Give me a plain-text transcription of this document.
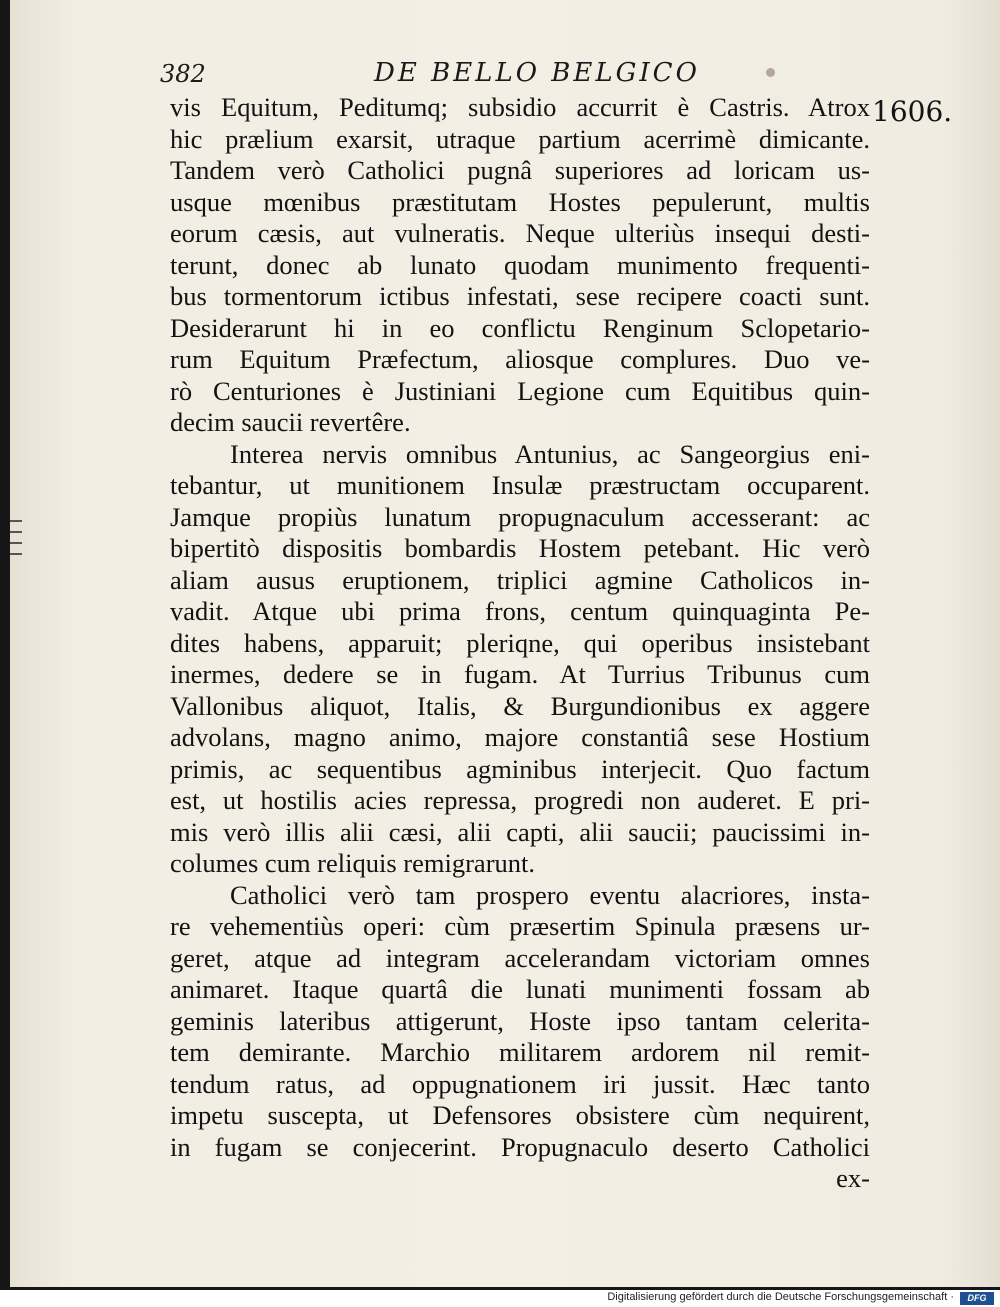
382	DE BELLO BELGICO
1606.
vis Equitum, Peditumq; subsidio accurrit è Castris. Atrox
hic prælium exarsit, utraque partium acerrimè dimicante.
Tandem verò Catholici pugnâ superiores ad loricam us-
usque mœnibus præstitutam Hostes pepulerunt, multis
eorum cæsis, aut vulneratis. Neque ulteriùs insequi desti-
terunt, donec ab lunato quodam munimento frequenti-
bus tormentorum ictibus infestati, sese recipere coacti sunt.
Desiderarunt hi in eo conflictu Renginum Sclopetario-
rum Equitum Præfectum, aliosque complures. Duo ve-
rò Centuriones è Justiniani Legione cum Equitibus quin-
decim saucii revertêre.
Interea nervis omnibus Antunius, ac Sangeorgius eni-
tebantur, ut munitionem Insulæ præstructam occuparent.
Jamque propiùs lunatum propugnaculum accesserant: ac
bipertitò dispositis bombardis Hostem petebant. Hic verò
aliam ausus eruptionem, triplici agmine Catholicos in-
vadit. Atque ubi prima frons, centum quinquaginta Pe-
dites habens, apparuit; pleriqne, qui operibus insistebant
inermes, dedere se in fugam. At Turrius Tribunus cum
Vallonibus aliquot, Italis, & Burgundionibus ex aggere
advolans, magno animo, majore constantiâ sese Hostium
primis, ac sequentibus agminibus interjecit. Quo factum
est, ut hostilis acies repressa, progredi non auderet. E pri-
mis verò illis alii cæsi, alii capti, alii saucii; paucissimi in-
columes cum reliquis remigrarunt.
Catholici verò tam prospero eventu alacriores, insta-
re vehementiùs operi: cùm præsertim Spinula præsens ur-
geret, atque ad integram accelerandam victoriam omnes
animaret. Itaque quartâ die lunati munimenti fossam ab
geminis lateribus attigerunt, Hoste ipso tantam celerita-
tem demirante. Marchio militarem ardorem nil remit-
tendum ratus, ad oppugnationem iri jussit. Hæc tanto
impetu suscepta, ut Defensores obsistere cùm nequirent,
in fugam se conjecerint. Propugnaculo deserto Catholici
ex-
Digitalisierung gefördert durch die Deutsche Forschungsgemeinschaft ·	DFG
